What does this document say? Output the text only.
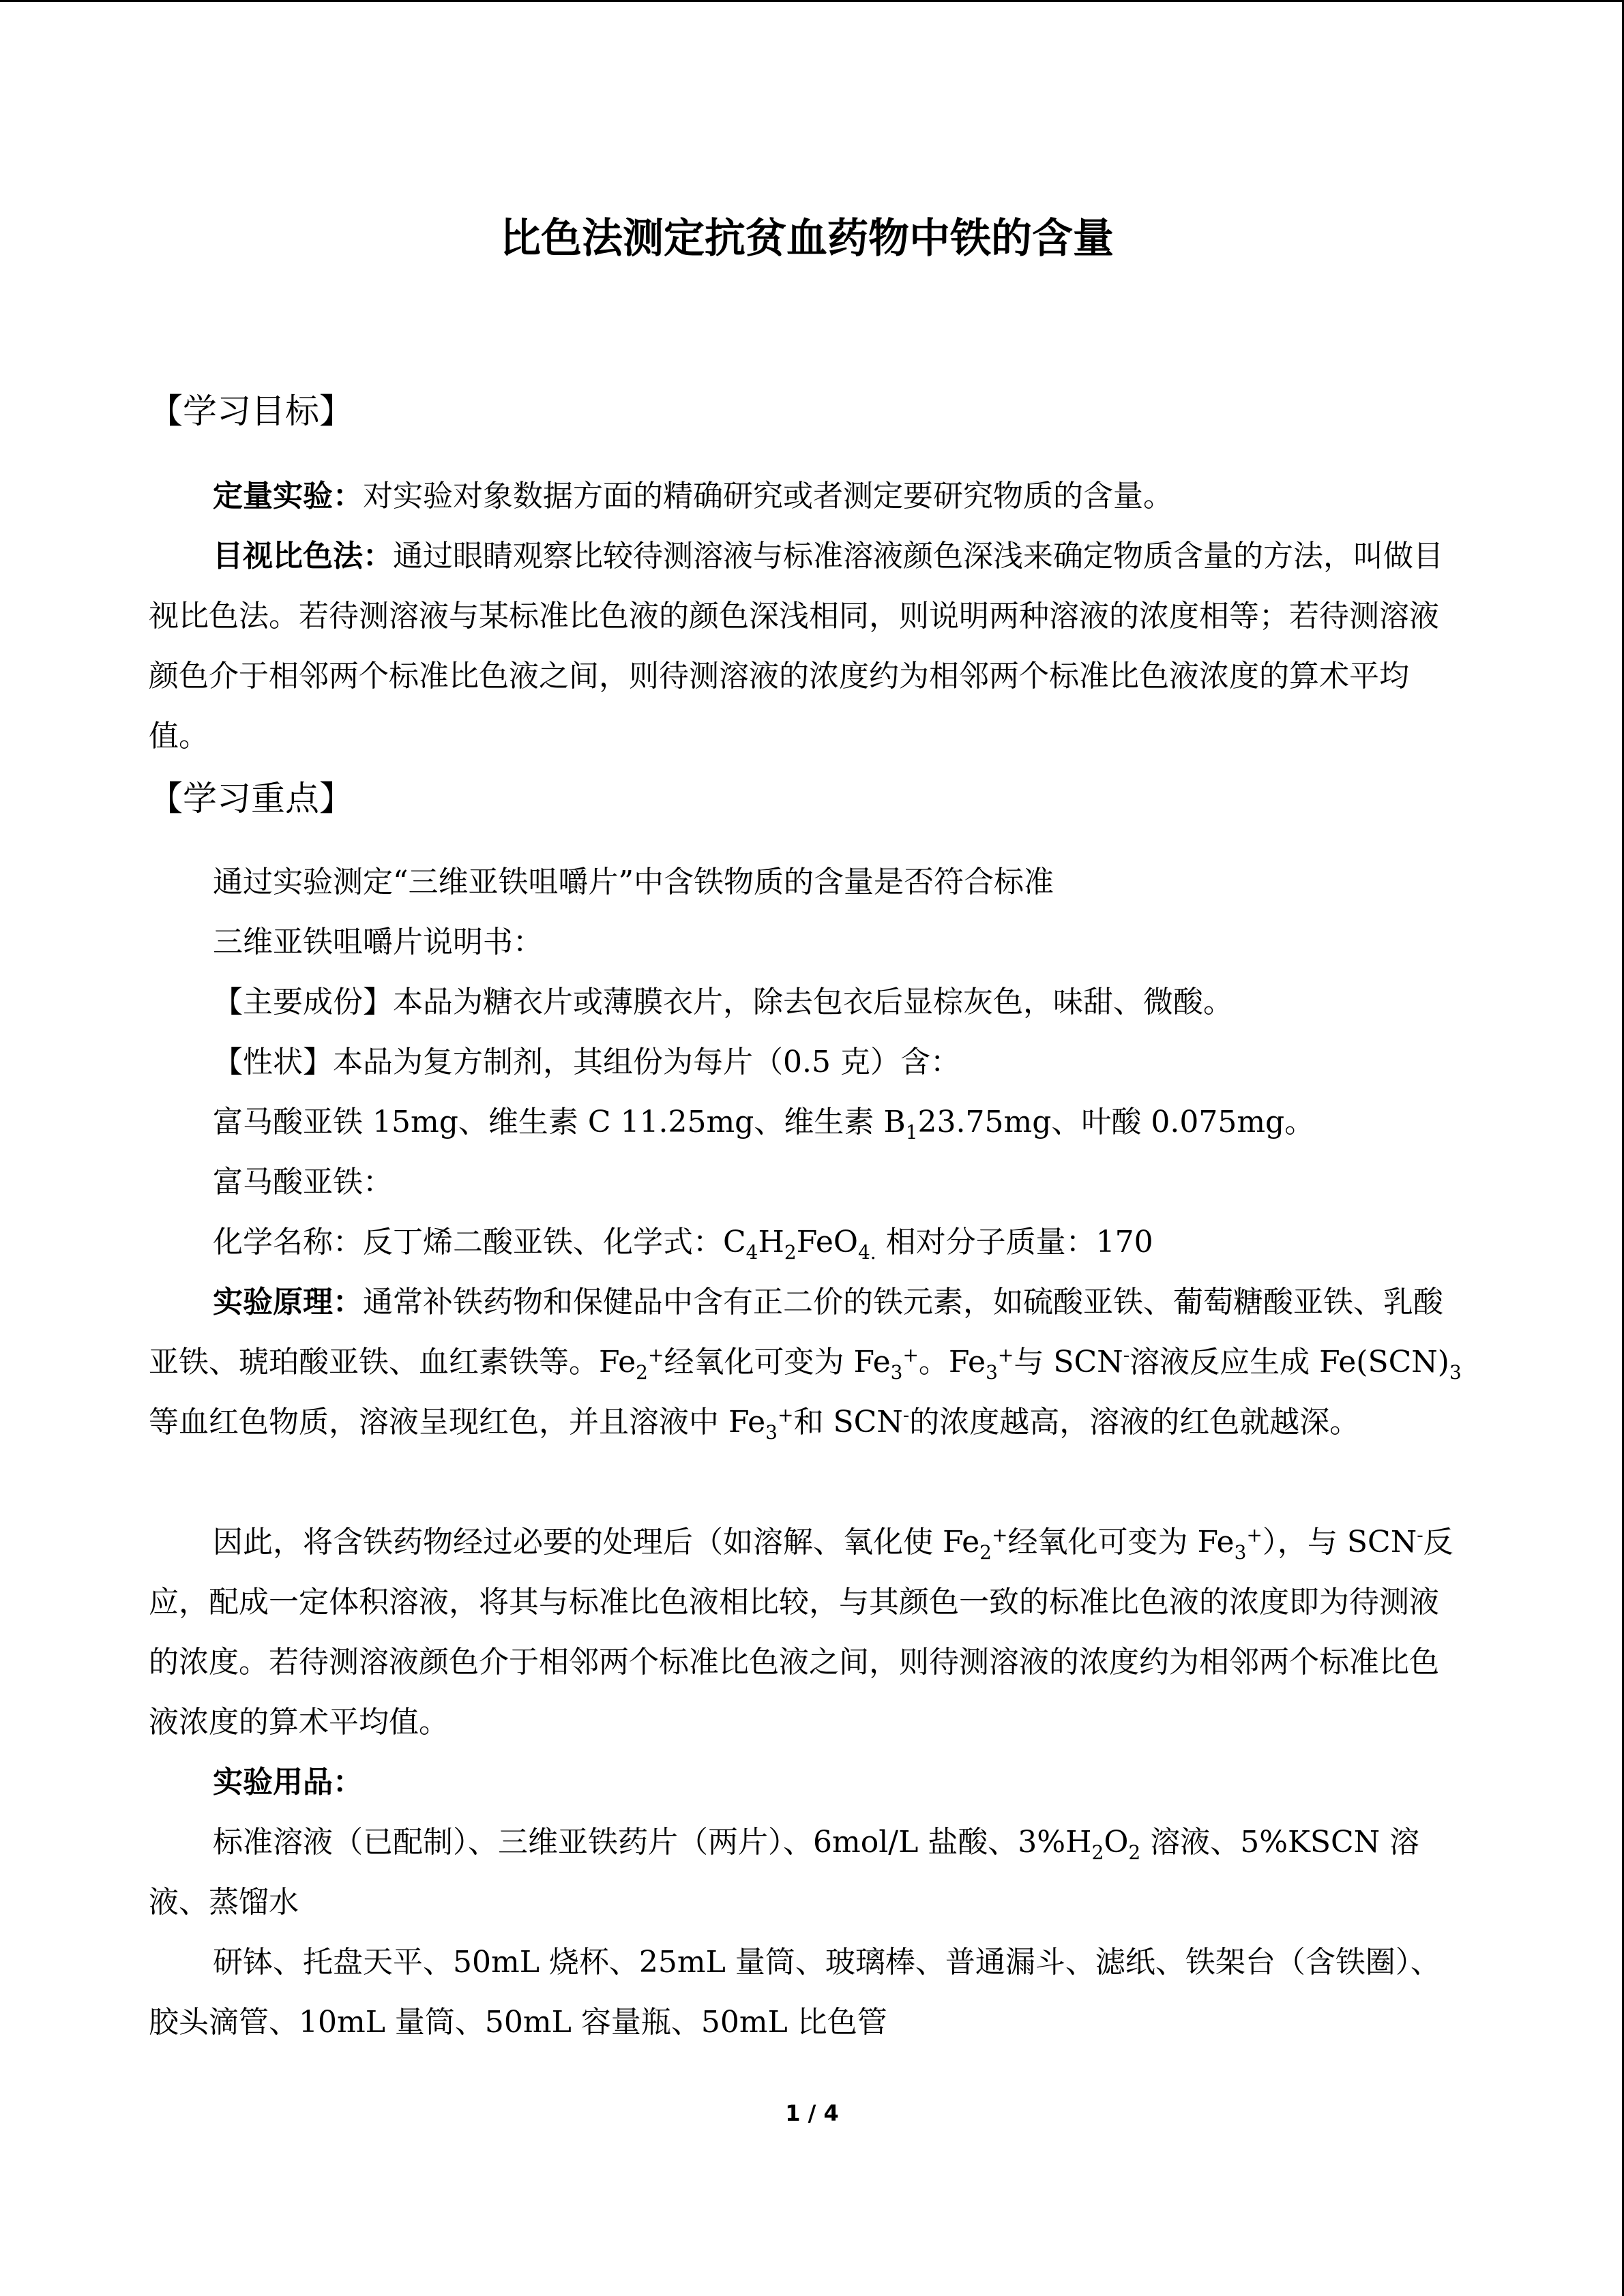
比色法测定抗贫血药物中铁的含量
【学习目标】

定量实验：对实验对象数据方面的精确研究或者测定要研究物质的含量。

目视比色法：通过眼睛观察比较待测溶液与标准溶液颜色深浅来确定物质含量的方法，叫做目视比色法。若待测溶液与某标准比色液的颜色深浅相同，则说明两种溶液的浓度相等；若待测溶液颜色介于相邻两个标准比色液之间，则待测溶液的浓度约为相邻两个标准比色液浓度的算术平均值。

【学习重点】

通过实验测定“三维亚铁咀嚼片”中含铁物质的含量是否符合标准

三维亚铁咀嚼片说明书：

【主要成份】本品为糖衣片或薄膜衣片，除去包衣后显棕灰色，味甜、微酸。

【性状】本品为复方制剂，其组份为每片（0.5 克）含：

富马酸亚铁 15mg、维生素 C 11.25mg、维生素 $B_123.75mg$、叶酸 0.075mg。

富马酸亚铁：

化学名称：反丁烯二酸亚铁、化学式：$C_4H_2FeO_{4.}$ 相对分子质量：170

实验原理：通常补铁药物和保健品中含有正二价的铁元素，如硫酸亚铁、葡萄糖酸亚铁、乳酸亚铁、琥珀酸亚铁、血红素铁等。$Fe_2^+$经氧化可变为 $Fe_3^+$。$Fe_3^+$与 SCN-溶液反应生成 $Fe(SCN)_3$ 等血红色物质，溶液呈现红色，并且溶液中 $Fe_3^+$和 SCN-的浓度越高，溶液的红色就越深。

因此，将含铁药物经过必要的处理后（如溶解、氧化使 $Fe_2^+$经氧化可变为 $Fe_3^+$），与 SCN-反应，配成一定体积溶液，将其与标准比色液相比较，与其颜色一致的标准比色液的浓度即为待测液的浓度。若待测溶液颜色介于相邻两个标准比色液之间，则待测溶液的浓度约为相邻两个标准比色液浓度的算术平均值。

实验用品：

标准溶液（已配制）、三维亚铁药片（两片）、6mol/L 盐酸、$3\%H_2O_2$ 溶液、5%KSCN 溶液、蒸馏水

研钵、托盘天平、50mL 烧杯、25mL 量筒、玻璃棒、普通漏斗、滤纸、铁架台（含铁圈）、胶头滴管、10mL 量筒、50mL 容量瓶、50mL 比色管

1 / 4
